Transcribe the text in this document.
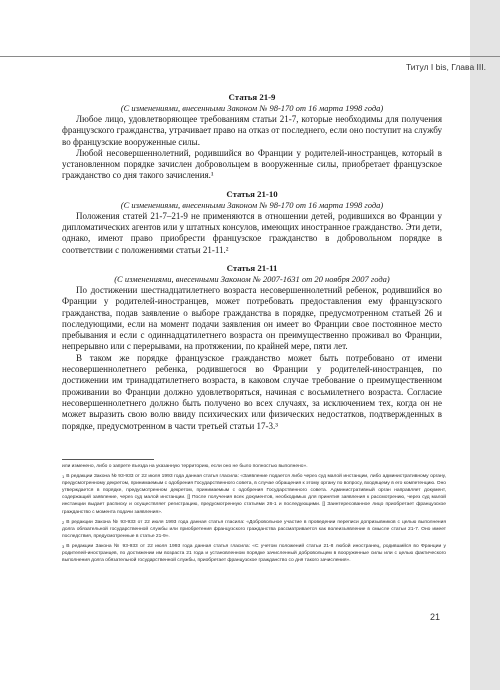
Титул I bis, Глава III.

Статья 21-9

(С изменениями, внесенными Законом № 98-170 от 16 марта 1998 года)

Любое лицо, удовлетворяющее требованиям статьи 21-7, которые необходимы для получения французского гражданства, утрачивает право на отказ от последнего, если оно поступит на службу во французские вооруженные силы.

Любой несовершеннолетний, родившийся во Франции у родителей-иностранцев, который в установленном порядке зачислен добровольцем в вооруженные силы, приобретает французское гражданство со дня такого зачисления.¹

Статья 21-10

(С изменениями, внесенными Законом № 98-170 от 16 марта 1998 года)

Положения статей 21-7–21-9 не применяются в отношении детей, родившихся во Франции у дипломатических агентов или у штатных консулов, имеющих иностранное гражданство. Эти дети, однако, имеют право приобрести французское гражданство в добровольном порядке в соответствии с положениями статьи 21-11.²

Статья 21-11

(С изменениями, внесенными Законом № 2007-1631 от 20 ноября 2007 года)

По достижении шестнадцатилетнего возраста несовершеннолетний ребенок, родившийся во Франции у родителей-иностранцев, может потребовать предоставления ему французского гражданства, подав заявление о выборе гражданства в порядке, предусмотренном статьей 26 и последующими, если на момент подачи заявления он имеет во Франции свое постоянное место пребывания и если с одиннадцатилетнего возраста он преимущественно проживал во Франции, непрерывно или с перерывами, на протяжении, по крайней мере, пяти лет.

В таком же порядке французское гражданство может быть потребовано от имени несовершеннолетнего ребенка, родившегося во Франции у родителей-иностранцев, по достижении им тринадцатилетнего возраста, в каковом случае требование о преимущественном проживании во Франции должно удовлетворяться, начиная с восьмилетнего возраста. Согласие несовершеннолетнего должно быть получено во всех случаях, за исключением тех, когда он не может выразить свою волю ввиду психических или физических недостатков, подтвержденных в порядке, предусмотренном в части третьей статьи 17-3.³

или изменено, либо о запрете въезда на указанную территорию, если оно не было полностью выполнено».

$^1$ В редакции Закона № 93-933 от 22 июля 1993 года данная статья гласила: «Заявление подается либо через суд малой инстанции, либо административному органу, предусмотренному декретом, принимаемым с одобрения Государственного совета, в случае обращения к этому органу по вопросу, входящему в его компетенцию. Оно утверждается в порядке, предусмотренном декретом, принимаемым с одобрения Государственного совета. Административный орган направляет документ, содержащий заявление, через суд малой инстанции. [] После получения всех документов, необходимых для принятия заявления к рассмотрению, через суд малой инстанции выдает расписку и осуществляет регистрацию, предусмотренную статьями 26-1 и последующими. [] Заинтересованное лицо приобретает французское гражданство с момента подачи заявления».

$^2$ В редакции Закона № 93-933 от 22 июля 1993 года данная статья гласила: «Добровольное участие в проведении переписи допризывников с целью выполнения долга обязательной государственной службы или приобретения французского гражданства рассматривается как волеизъявление в смысле статьи 21-7. Оно имеет последствия, предусмотренные в статье 21-9».

$^3$ В редакции Закона № 93-933 от 22 июля 1993 года данная статья гласила: «С учетом положений статьи 21-8 любой иностранец, родившийся во Франции у родителей-иностранцев, по достижении им возраста 21 года и установленном порядке зачисленный добровольцем в вооруженные силы или с целью фактического выполнения долга обязательной государственной службы, приобретает французское гражданство со дня такого зачисления».

21
